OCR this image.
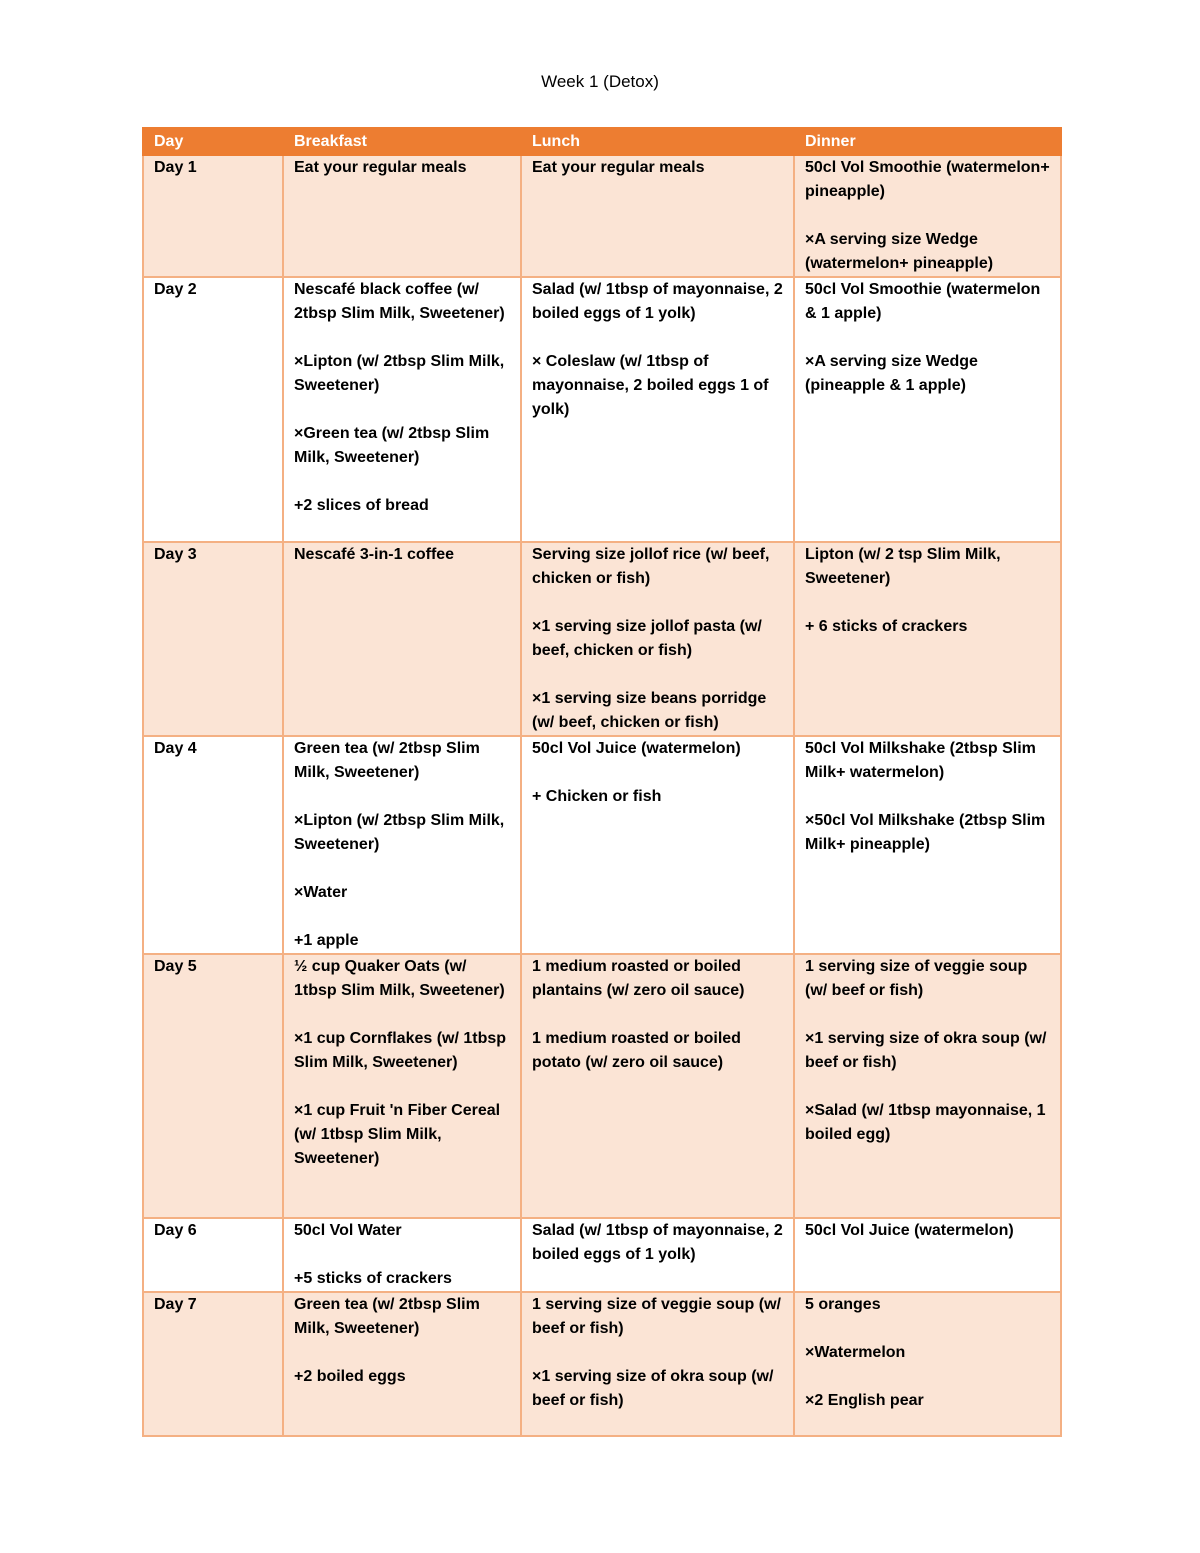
Week 1 (Detox)
Day	Breakfast	Lunch	Dinner
Day 1	Eat your regular meals	Eat your regular meals	50cl Vol Smoothie (watermelon+ pineapple)
×A serving size Wedge (watermelon+ pineapple)

Day 2	Nescafé black coffee (w/ 2tbsp Slim Milk, Sweetener)
×Lipton (w/ 2tbsp Slim Milk, Sweetener)
×Green tea (w/ 2tbsp Slim Milk, Sweetener)
+2 slices of bread	Salad (w/ 1tbsp of mayonnaise, 2 boiled eggs of 1 yolk)
× Coleslaw (w/ 1tbsp of mayonnaise, 2 boiled eggs 1 of yolk)	50cl Vol Smoothie (watermelon & 1 apple)
×A serving size Wedge (pineapple & 1 apple)

Day 3	Nescafé 3-in-1 coffee	Serving size jollof rice (w/ beef, chicken or fish)
×1 serving size jollof pasta (w/ beef, chicken or fish)
×1 serving size beans porridge (w/ beef, chicken or fish)	Lipton (w/ 2 tsp Slim Milk, Sweetener)
+ 6 sticks of crackers

Day 4	Green tea (w/ 2tbsp Slim Milk, Sweetener)
×Lipton (w/ 2tbsp Slim Milk, Sweetener)
×Water
+1 apple	50cl Vol Juice (watermelon)
+ Chicken or fish	50cl Vol Milkshake (2tbsp Slim Milk+ watermelon)
×50cl Vol Milkshake (2tbsp Slim Milk+ pineapple)

Day 5	½ cup Quaker Oats (w/ 1tbsp Slim Milk, Sweetener)
×1 cup Cornflakes (w/ 1tbsp Slim Milk, Sweetener)
×1 cup Fruit 'n Fiber Cereal (w/ 1tbsp Slim Milk, Sweetener)	1 medium roasted or boiled plantains (w/ zero oil sauce)
1 medium roasted or boiled potato (w/ zero oil sauce)	1 serving size of veggie soup (w/ beef or fish)
×1 serving size of okra soup (w/ beef or fish)
×Salad (w/ 1tbsp mayonnaise, 1 boiled egg)

Day 6	50cl Vol Water
+5 sticks of crackers	Salad (w/ 1tbsp of mayonnaise, 2 boiled eggs of 1 yolk)	50cl Vol Juice (watermelon)

Day 7	Green tea (w/ 2tbsp Slim Milk, Sweetener)
+2 boiled eggs	1 serving size of veggie soup (w/ beef or fish)
×1 serving size of okra soup (w/ beef or fish)	5 oranges
×Watermelon
×2 English pear
